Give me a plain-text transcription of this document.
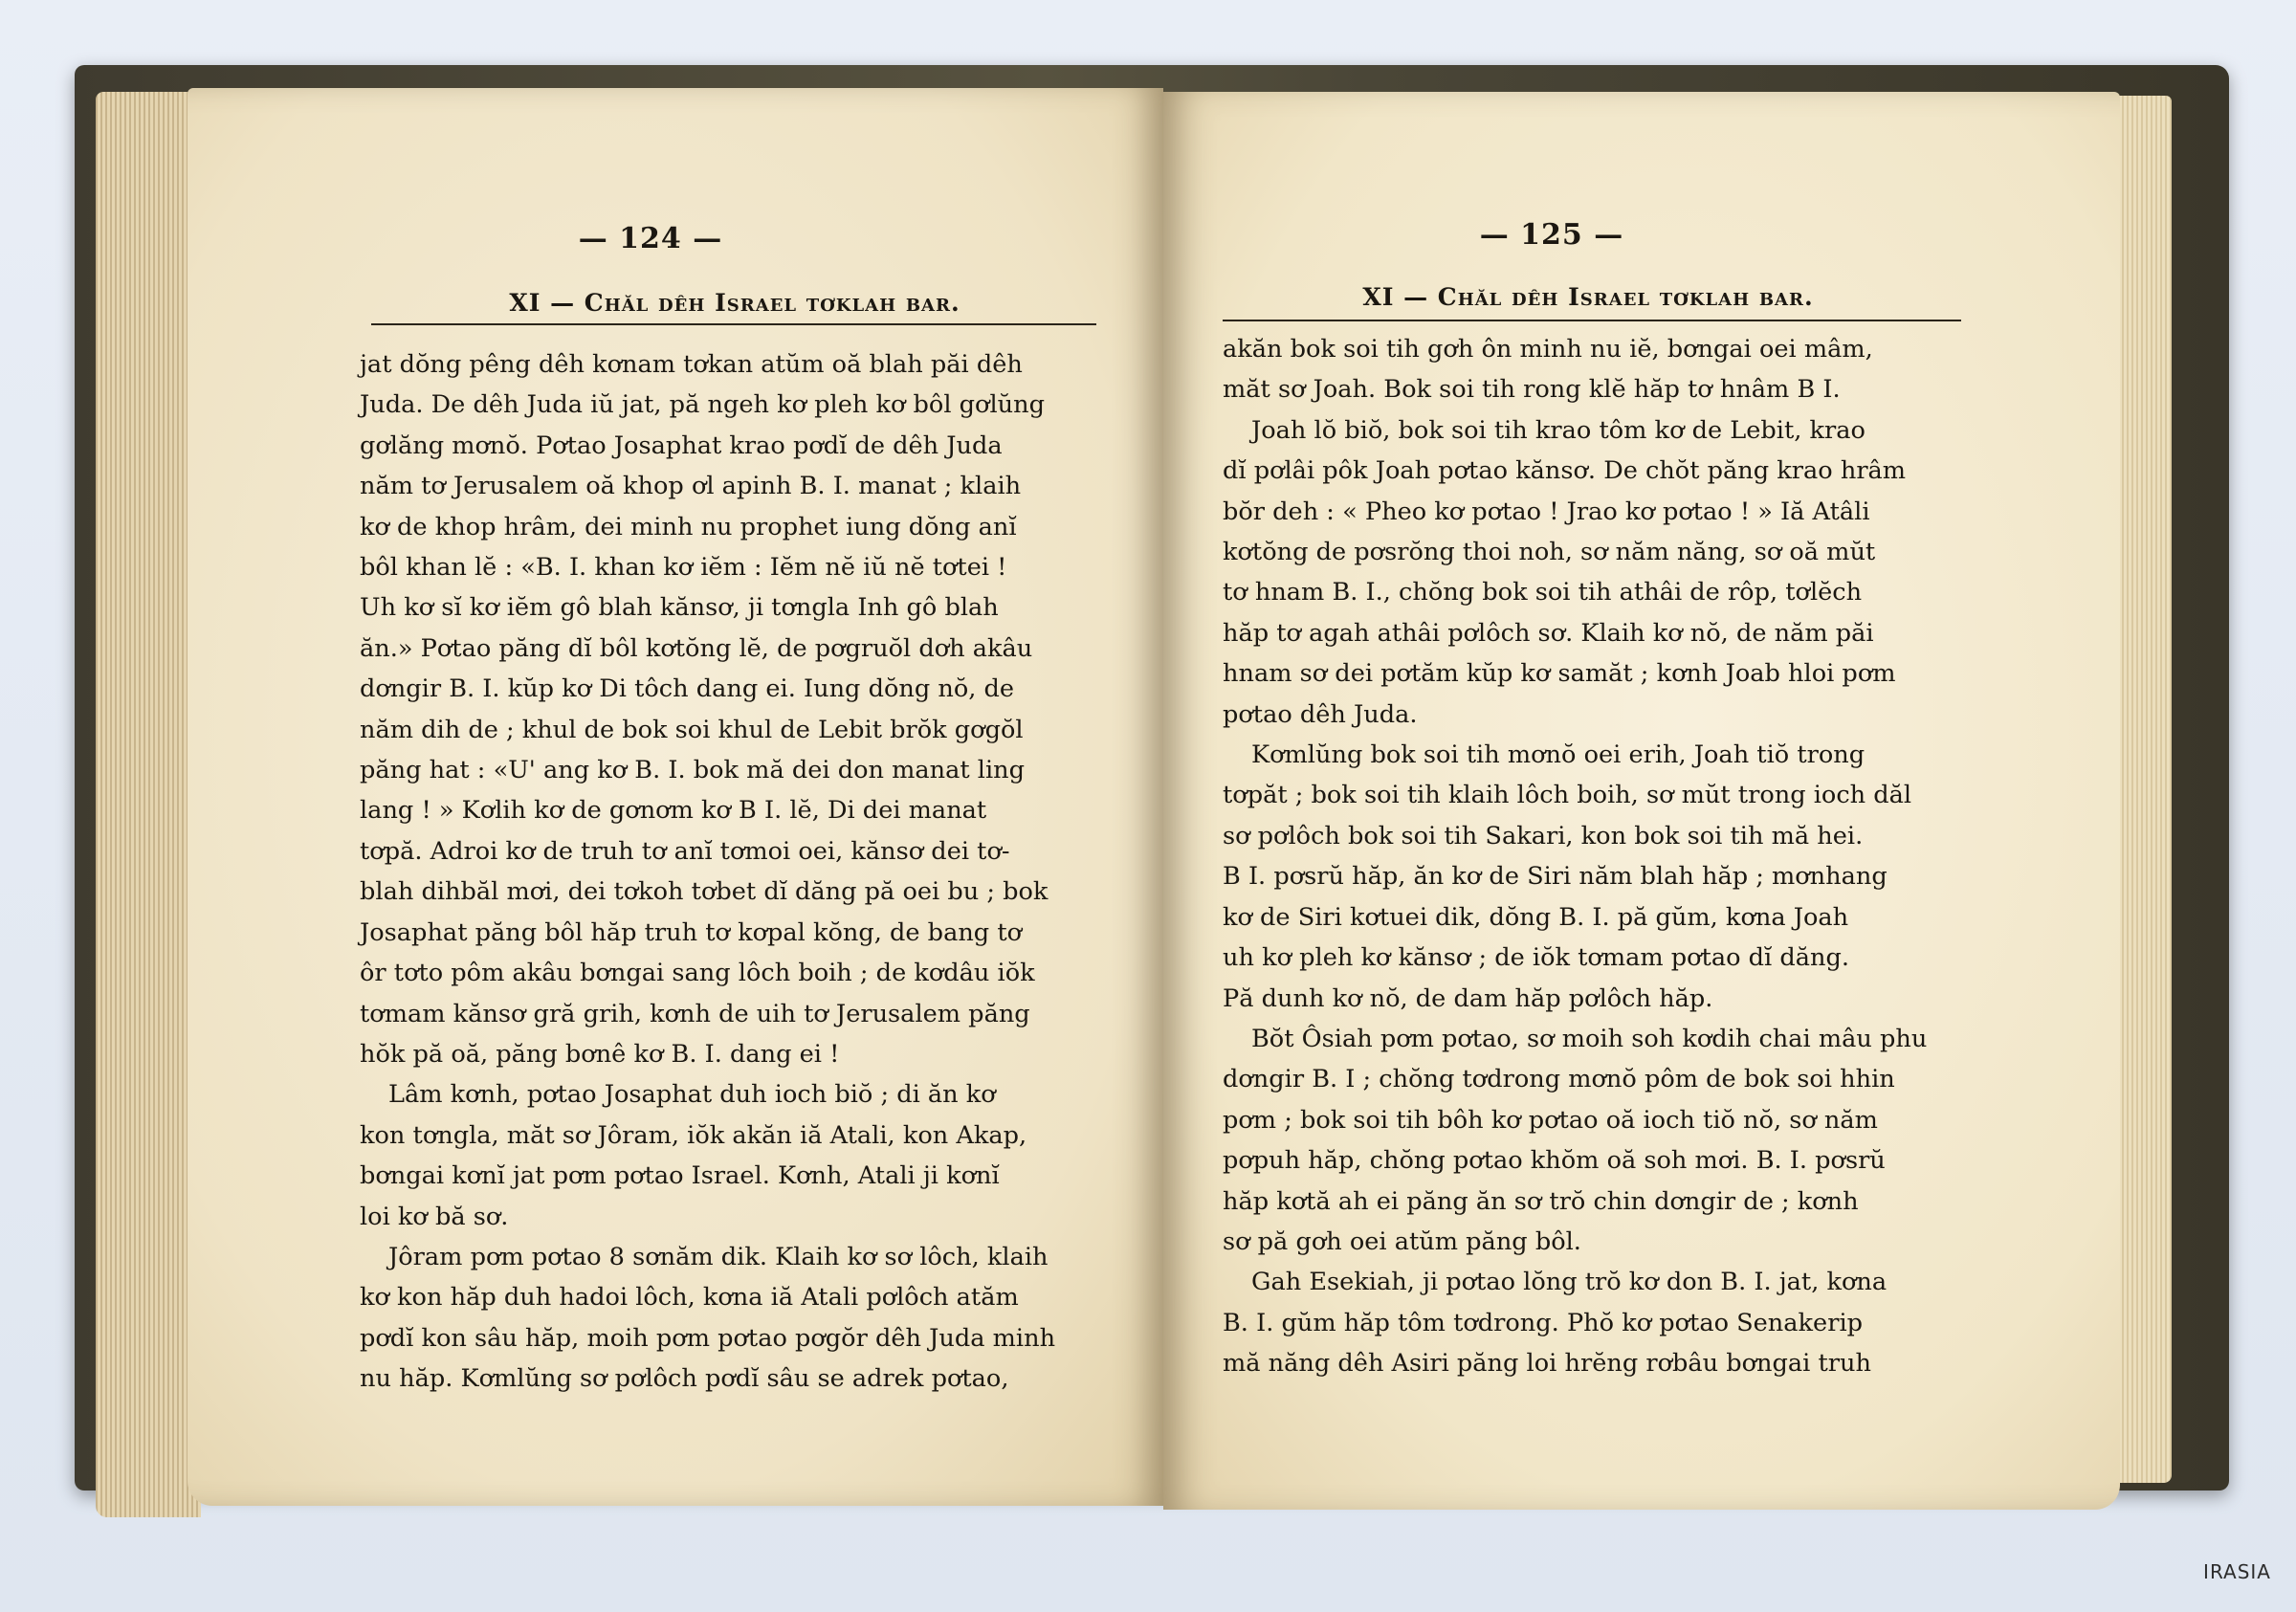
— 124 —
XI — Chăl dêh Israel tơklah bar.
jat dŏng pêng dêh kơnam tơkan atŭm oă blah păi dêh
Juda. De dêh Juda iŭ jat, pă ngeh kơ pleh kơ bôl gơlŭng
gơlăng mơnŏ. Pơtao Josaphat krao pơdĭ de dêh Juda
năm tơ Jerusalem oă khop ơl apinh B. I. manat ; klaih
kơ de khop hrâm, dei minh nu prophet iung dŏng anĭ
bôl khan lĕ : «B. I. khan kơ iĕm : Iĕm nĕ iŭ nĕ tơtei !
Uh kơ sĭ kơ iĕm gô blah kănsơ, ji tơngla Inh gô blah
ăn.» Pơtao păng dĭ bôl kơtŏng lĕ, de pơgruŏl dơh akâu
dơngir B. I. kŭp kơ Di tôch dang ei. Iung dŏng nŏ, de
năm dih de ; khul de bok soi khul de Lebit brŏk gơgŏl
păng hat : «U' ang kơ B. I. bok mă dei don manat ling
lang ! » Kơlih kơ de gơnơm kơ B I. lĕ, Di dei manat
tơpă. Adroi kơ de truh tơ anĭ tơmoi oei, kănsơ dei tơ-
blah dihbăl mơi, dei tơkoh tơbet dĭ dăng pă oei bu ; bok
Josaphat păng bôl hăp truh tơ kơpal kŏng, de bang tơ
ôr tơto pôm akâu bơngai sang lôch boih ; de kơdâu iŏk
tơmam kănsơ gră grih, kơnh de uih tơ Jerusalem păng
hŏk pă oă, păng bơnê kơ B. I. dang ei !
Lâm kơnh, pơtao Josaphat duh ioch biŏ ; di ăn kơ
kon tơngla, măt sơ Jôram, iŏk akăn iă Atali, kon Akap,
bơngai kơnĭ jat pơm pơtao Israel. Kơnh, Atali ji kơnĭ
loi kơ bă sơ.
Jôram pơm pơtao 8 sơnăm dik. Klaih kơ sơ lôch, klaih
kơ kon hăp duh hadoi lôch, kơna iă Atali pơlôch atăm
pơdĭ kon sâu hăp, moih pơm pơtao pơgŏr dêh Juda minh
nu hăp. Kơmlŭng sơ pơlôch pơdĭ sâu se adrek pơtao,
— 125 —
XI — Chăl dêh Israel tơklah bar.
akăn bok soi tih gơh ôn minh nu iĕ, bơngai oei mâm,
măt sơ Joah. Bok soi tih rong klĕ hăp tơ hnâm B I.
Joah lŏ biŏ, bok soi tih krao tôm kơ de Lebit, krao
dĭ pơlâi pôk Joah pơtao kănsơ. De chŏt păng krao hrâm
bŏr deh : « Pheo kơ pơtao ! Jrao kơ pơtao ! » Iă Atâli
kơtŏng de pơsrŏng thoi noh, sơ năm năng, sơ oă mŭt
tơ hnam B. I., chŏng bok soi tih athâi de rôp, tơlĕch
hăp tơ agah athâi pơlôch sơ. Klaih kơ nŏ, de năm păi
hnam sơ dei pơtăm kŭp kơ samăt ; kơnh Joab hloi pơm
pơtao dêh Juda.
Kơmlŭng bok soi tih mơnŏ oei erih, Joah tiŏ trong
tơpăt ; bok soi tih klaih lôch boih, sơ mŭt trong ioch dăl
sơ pơlôch bok soi tih Sakari, kon bok soi tih mă hei.
B I. pơsrŭ hăp, ăn kơ de Siri năm blah hăp ; mơnhang
kơ de Siri kơtuei dik, dŏng B. I. pă gŭm, kơna Joah
uh kơ pleh kơ kănsơ ; de iŏk tơmam pơtao dĭ dăng.
Pă dunh kơ nŏ, de dam hăp pơlôch hăp.
Bŏt Ôsiah pơm pơtao, sơ moih soh kơdih chai mâu phu
dơngir B. I ; chŏng tơdrong mơnŏ pôm de bok soi hhin
pơm ; bok soi tih bôh kơ pơtao oă ioch tiŏ nŏ, sơ năm
pơpuh hăp, chŏng pơtao khŏm oă soh mơi. B. I. pơsrŭ
hăp kơtă ah ei păng ăn sơ trŏ chin dơngir de ; kơnh
sơ pă gơh oei atŭm păng bôl.
Gah Esekiah, ji pơtao lŏng trŏ kơ don B. I. jat, kơna
B. I. gŭm hăp tôm tơdrong. Phŏ kơ pơtao Senakerip
mă năng dêh Asiri păng loi hrĕng rơbâu bơngai truh
IRASIA
